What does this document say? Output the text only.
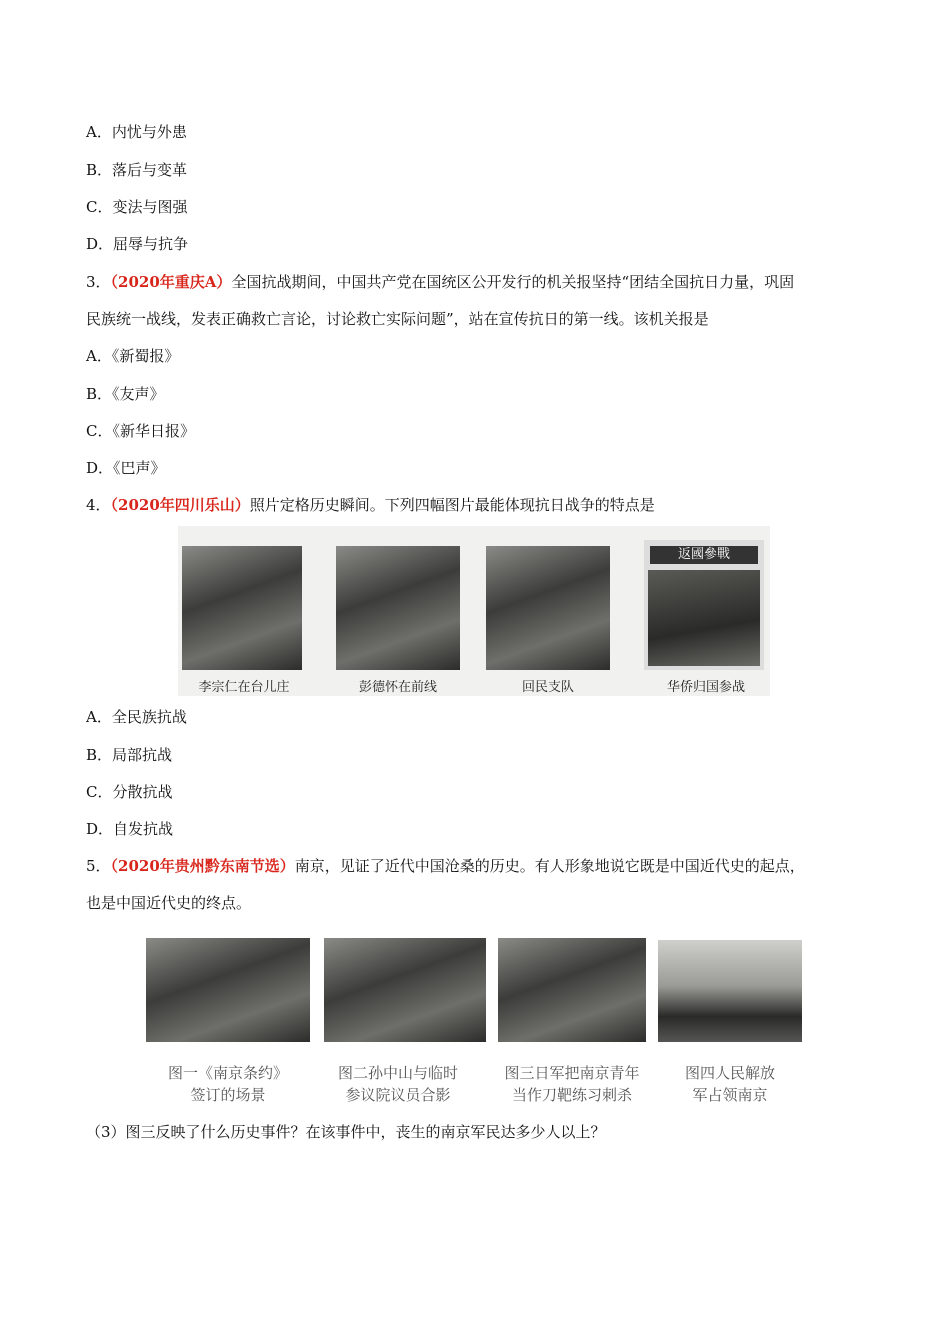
A．内忧与外患
B．落后与变革
C．变法与图强
D．屈辱与抗争
3．（2020年重庆A）全国抗战期间，中国共产党在国统区公开发行的机关报坚持“团结全国抗日力量，巩固
民族统一战线，发表正确救亡言论，讨论救亡实际问题”，站在宣传抗日的第一线。该机关报是
A．《新蜀报》
B．《友声》
C．《新华日报》
D．《巴声》
4．（2020年四川乐山）照片定格历史瞬间。下列四幅图片最能体现抗日战争的特点是
返國參戰
李宗仁在台儿庄	彭德怀在前线	回民支队	华侨归国参战
A．全民族抗战
B．局部抗战
C．分散抗战
D．自发抗战
5．（2020年贵州黔东南节选）南京，见证了近代中国沧桑的历史。有人形象地说它既是中国近代史的起点，
也是中国近代史的终点。
图一《南京条约》
签订的场景
图二孙中山与临时
参议院议员合影
图三日军把南京青年
当作刀靶练习刺杀
图四人民解放
军占领南京
（3）图三反映了什么历史事件？在该事件中，丧生的南京军民达多少人以上？
